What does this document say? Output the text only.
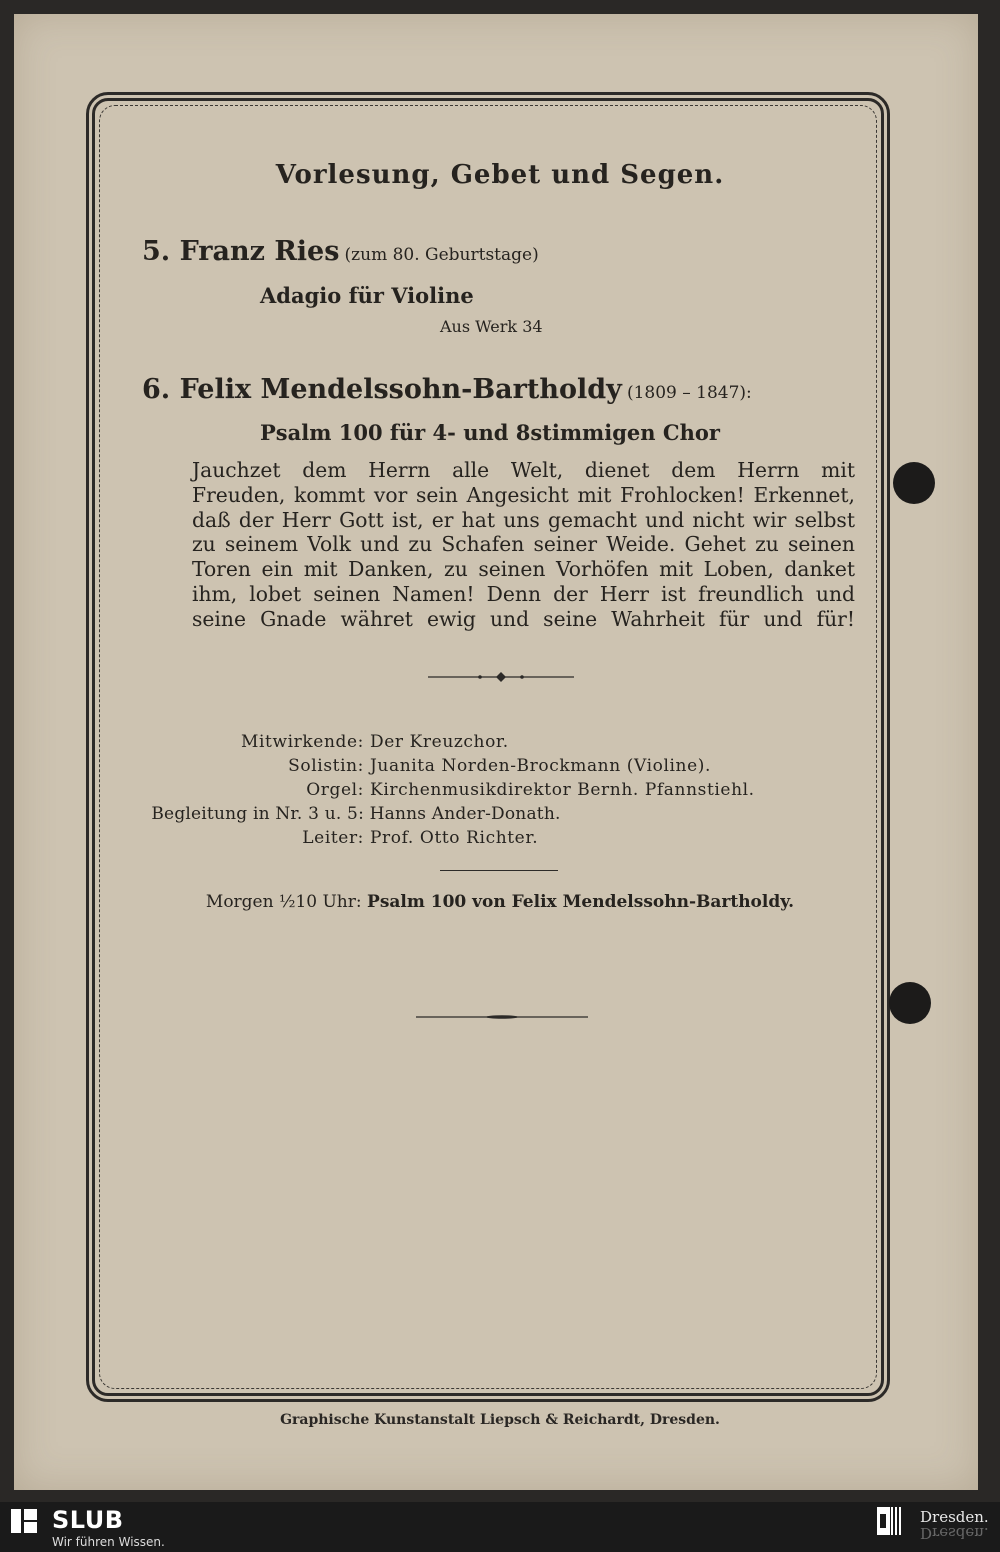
Vorlesung, Gebet und Segen.
5. Franz Ries (zum 80. Geburtstage)
Adagio für Violine
Aus Werk 34
6. Felix Mendelssohn-Bartholdy (1809 – 1847):
Psalm 100 für 4- und 8stimmigen Chor
Jauchzet dem Herrn alle Welt, dienet dem Herrn mit
Freuden, kommt vor sein Angesicht mit Frohlocken! Erkennet,
daß der Herr Gott ist, er hat uns gemacht und nicht wir selbst
zu seinem Volk und zu Schafen seiner Weide. Gehet zu seinen
Toren ein mit Danken, zu seinen Vorhöfen mit Loben, danket
ihm, lobet seinen Namen! Denn der Herr ist freundlich und
seine Gnade währet ewig und seine Wahrheit für und für!
Mitwirkende: Der Kreuzchor.
Solistin: Juanita Norden-Brockmann (Violine).
Orgel: Kirchenmusikdirektor Bernh. Pfannstiehl.
Begleitung in Nr. 3 u. 5: Hanns Ander-Donath.
Leiter: Prof. Otto Richter.
Morgen ½10 Uhr: Psalm 100 von Felix Mendelssohn-Bartholdy.
Graphische Kunstanstalt Liepsch & Reichardt, Dresden.
SLUB
Wir führen Wissen.
Dresden.
Dresden.
